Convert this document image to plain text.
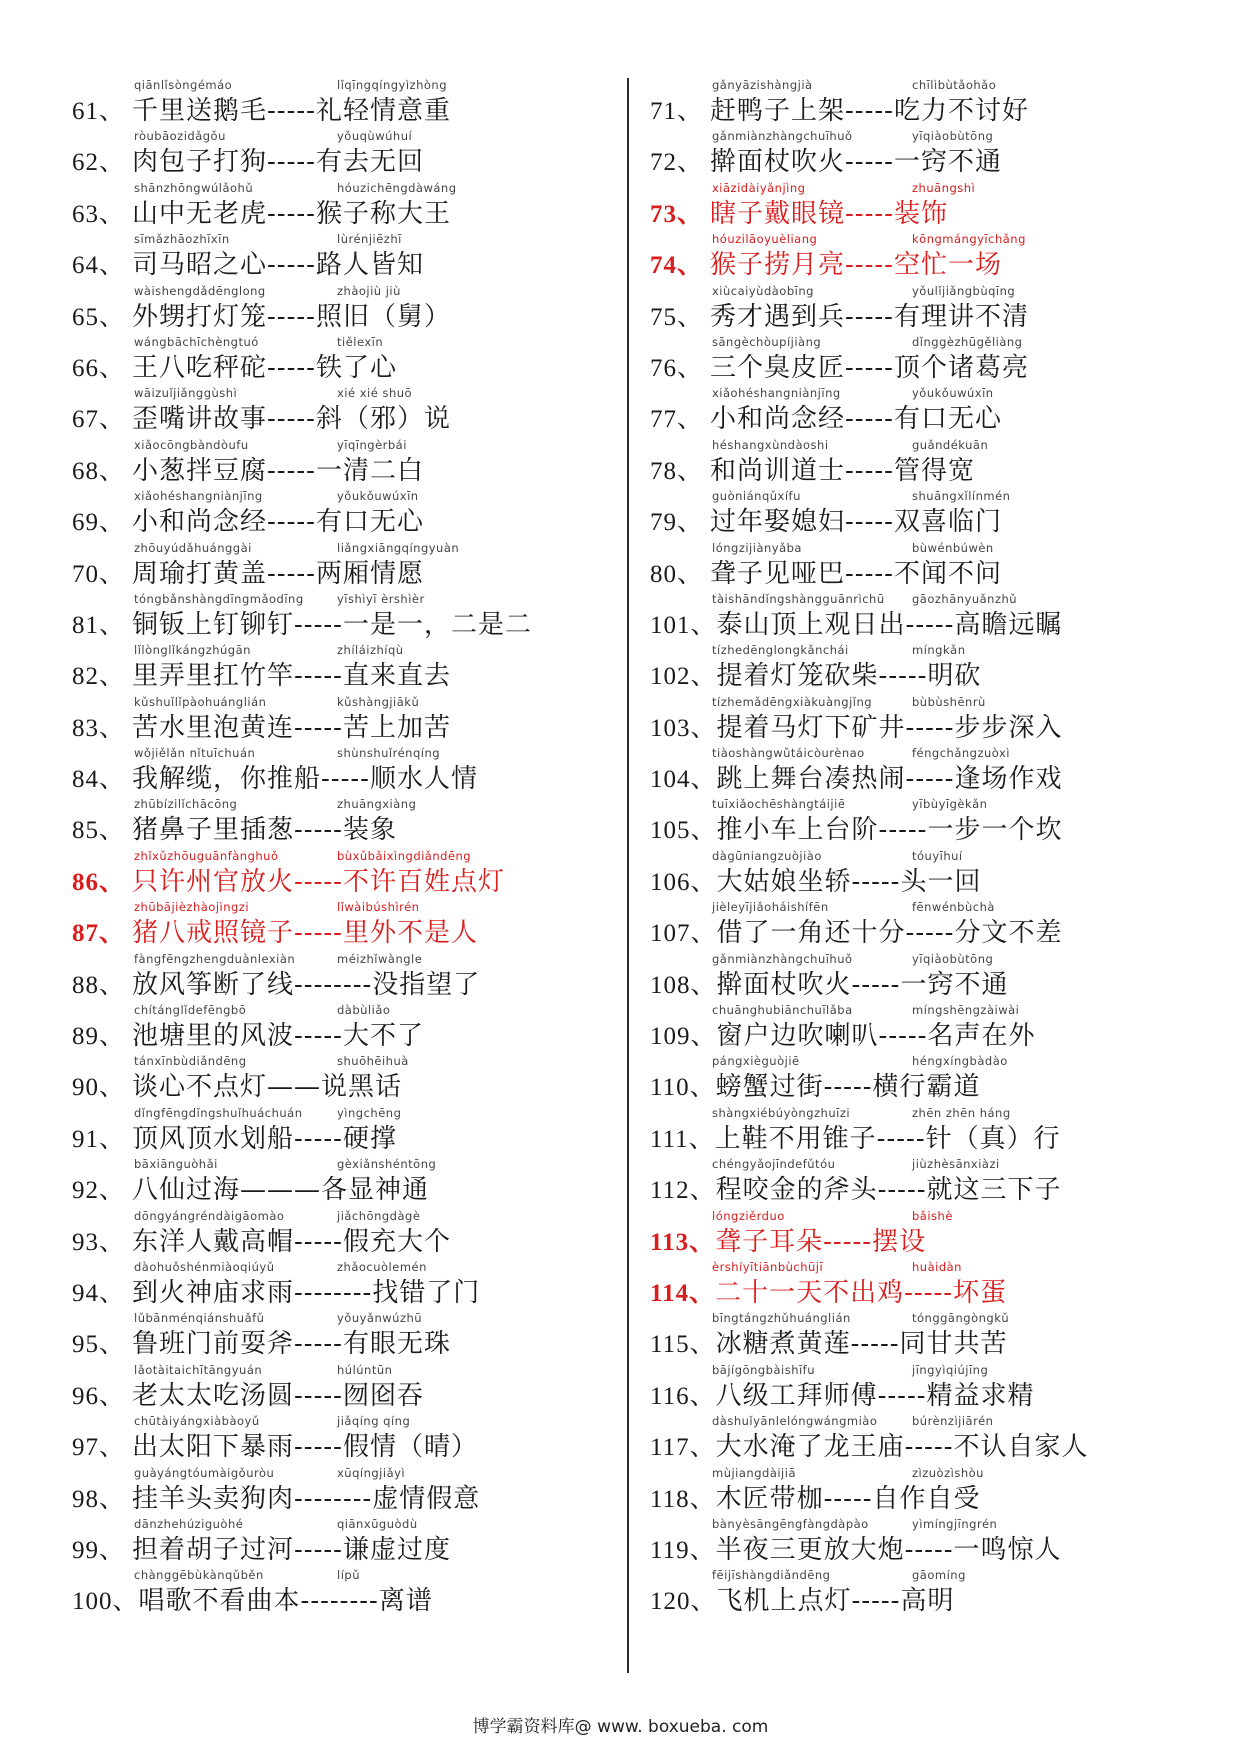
qiānlǐsònɡémáo	lǐqīngqíngyìzhòng
61、 千里送鹅毛-----礼轻情意重
ròubāozidǎgǒu	yǒuqùwúhuí
62、 肉包子打狗-----有去无回
shānzhōngwúlǎohǔ	hóuzichēngdàwáng
63、 山中无老虎-----猴子称大王
sīmǎzhāozhīxīn	lùrénjiēzhī
64、 司马昭之心-----路人皆知
wàishengdǎdēnglong	zhàojiù jiù
65、 外甥打灯笼-----照旧（舅）
wángbāchīchèngtuó	tiělexīn
66、 王八吃秤砣-----铁了心
wāizuǐjiǎnggùshì	xié xié shuō
67、 歪嘴讲故事-----斜（邪）说
xiǎocōngbàndòufu	yīqīngèrbái
68、 小葱拌豆腐-----一清二白
xiǎohéshangniànjīng	yǒukǒuwúxīn
69、 小和尚念经-----有口无心
zhōuyúdǎhuánggài	liǎngxiāngqíngyuàn
70、 周瑜打黄盖-----两厢情愿
tóngbǎnshàngdīngmǎodīng	yīshìyī èrshìèr
81、 铜钣上钉铆钉-----一是一，二是二
lǐlònglǐkángzhúgān	zhíláizhíqù
82、 里弄里扛竹竿-----直来直去
kǔshuǐlǐpàohuánglián	kǔshàngjiākǔ
83、 苦水里泡黄连-----苦上加苦
wǒjiělǎn nǐtuīchuán	shùnshuǐrénqíng
84、 我解缆，你推船-----顺水人情
zhūbízilǐchācōng	zhuāngxiàng
85、 猪鼻子里插葱-----装象
zhǐxǔzhōuguānfànghuǒ	bùxǔbǎixìngdiǎndēng
86、 只许州官放火-----不许百姓点灯
zhūbājièzhàojìngzi	lǐwàibúshìrén
87、 猪八戒照镜子-----里外不是人
fàngfēngzhengduànlexiàn	méizhǐwàngle
88、 放风筝断了线--------没指望了
chítánglǐdefēngbō	dàbùliǎo
89、 池塘里的风波-----大不了
tánxīnbùdiǎndēng	shuōhēihuà
90、 谈心不点灯——说黑话
dǐngfēngdǐngshuǐhuáchuán	yìngchēng
91、 顶风顶水划船-----硬撑
bāxiānguòhǎi	gèxiǎnshéntōng
92、 八仙过海———各显神通
dōngyángréndàigāomào	jiǎchōngdàgè
93、 东洋人戴高帽-----假充大个
dàohuǒshénmiàoqiúyǔ	zhǎocuòlemén
94、 到火神庙求雨--------找错了门
lǔbānménqiánshuǎfǔ	yǒuyǎnwúzhū
95、 鲁班门前耍斧-----有眼无珠
lǎotàitaichītāngyuán	húlúntūn
96、 老太太吃汤圆-----囫囵吞
chūtàiyángxiàbàoyǔ	jiǎqíng qíng
97、 出太阳下暴雨-----假情（晴）
guàyángtóumàigǒuròu	xūqíngjiǎyì
98、 挂羊头卖狗肉--------虚情假意
dānzhehúziguòhé	qiānxūguòdù
99、 担着胡子过河-----谦虚过度
chànggēbùkànqǔběn	lípǔ
100、唱歌不看曲本--------离谱
gǎnyāzishàngjià	chīlìbùtǎohǎo
71、 赶鸭子上架-----吃力不讨好
gǎnmiànzhàngchuīhuǒ	yīqiàobùtōng
72、 擀面杖吹火-----一窍不通
xiāzidàiyǎnjìng	zhuāngshì
73、 瞎子戴眼镜-----装饰
hóuzilāoyuèliang	kōngmángyīchǎng
74、 猴子捞月亮-----空忙一场
xiùcaiyùdàobīng	yǒulǐjiǎngbùqīng
75、 秀才遇到兵-----有理讲不清
sāngèchòupíjiàng	dǐnggèzhūgěliàng
76、 三个臭皮匠-----顶个诸葛亮
xiǎohéshangniànjīng	yǒukǒuwúxīn
77、 小和尚念经-----有口无心
héshangxùndàoshi	guǎndékuān
78、 和尚训道士-----管得宽
guòniánqǔxífu	shuāngxǐlínmén
79、 过年娶媳妇-----双喜临门
lóngzijiànyǎba	bùwénbúwèn
80、 聋子见哑巴-----不闻不问
tàishāndǐngshàngguānrìchū gāozhānyuǎnzhǔ
101、泰山顶上观日出-----高瞻远瞩
tízhedēnglongkǎnchái	míngkǎn
102、提着灯笼砍柴-----明砍
tízhemǎdēngxiàkuàngjǐng	bùbùshēnrù
103、提着马灯下矿井-----步步深入
tiàoshàngwǔtáicòurènao	féngchǎngzuòxì
104、跳上舞台凑热闹-----逢场作戏
tuīxiǎochēshàngtáijiē	yībùyīgèkǎn
105、推小车上台阶-----一步一个坎
dàgūniangzuòjiào	tóuyīhuí
106、大姑娘坐轿-----头一回
jièleyījiǎoháishífēn	fēnwénbùchà
107、借了一角还十分-----分文不差
gǎnmiànzhàngchuīhuǒ	yīqiàobùtōng
108、擀面杖吹火-----一窍不通
chuānghubiānchuīlǎba	míngshēngzàiwài
109、窗户边吹喇叭-----名声在外
pángxièguòjiē	héngxíngbàdào
110、螃蟹过街-----横行霸道
shàngxiébúyòngzhuīzi	zhēn zhēn háng
111、上鞋不用锥子-----针（真）行
chéngyǎojīndefǔtóu	jiùzhèsānxiàzi
112、程咬金的斧头-----就这三下子
lóngziěrduo	bǎishè
113、聋子耳朵-----摆设
èrshíyītiānbùchūjī	huàidàn
114、二十一天不出鸡-----坏蛋
bīngtángzhǔhuánglián	tónggāngòngkǔ
115、冰糖煮黄莲-----同甘共苦
bājígōngbàishīfu	jīngyìqiújīng
116、八级工拜师傅-----精益求精
dàshuǐyānlelóngwángmiào	búrènzìjiārén
117、大水淹了龙王庙-----不认自家人
mùjiangdàijiā	zìzuòzìshòu
118、木匠带枷-----自作自受
bànyèsāngēngfàngdàpào	yìmíngjīngrén
119、半夜三更放大炮-----一鸣惊人
fēijīshàngdiǎndēng	gāomíng
120、飞机上点灯-----高明
博学霸资料库@ www. boxueba. com
